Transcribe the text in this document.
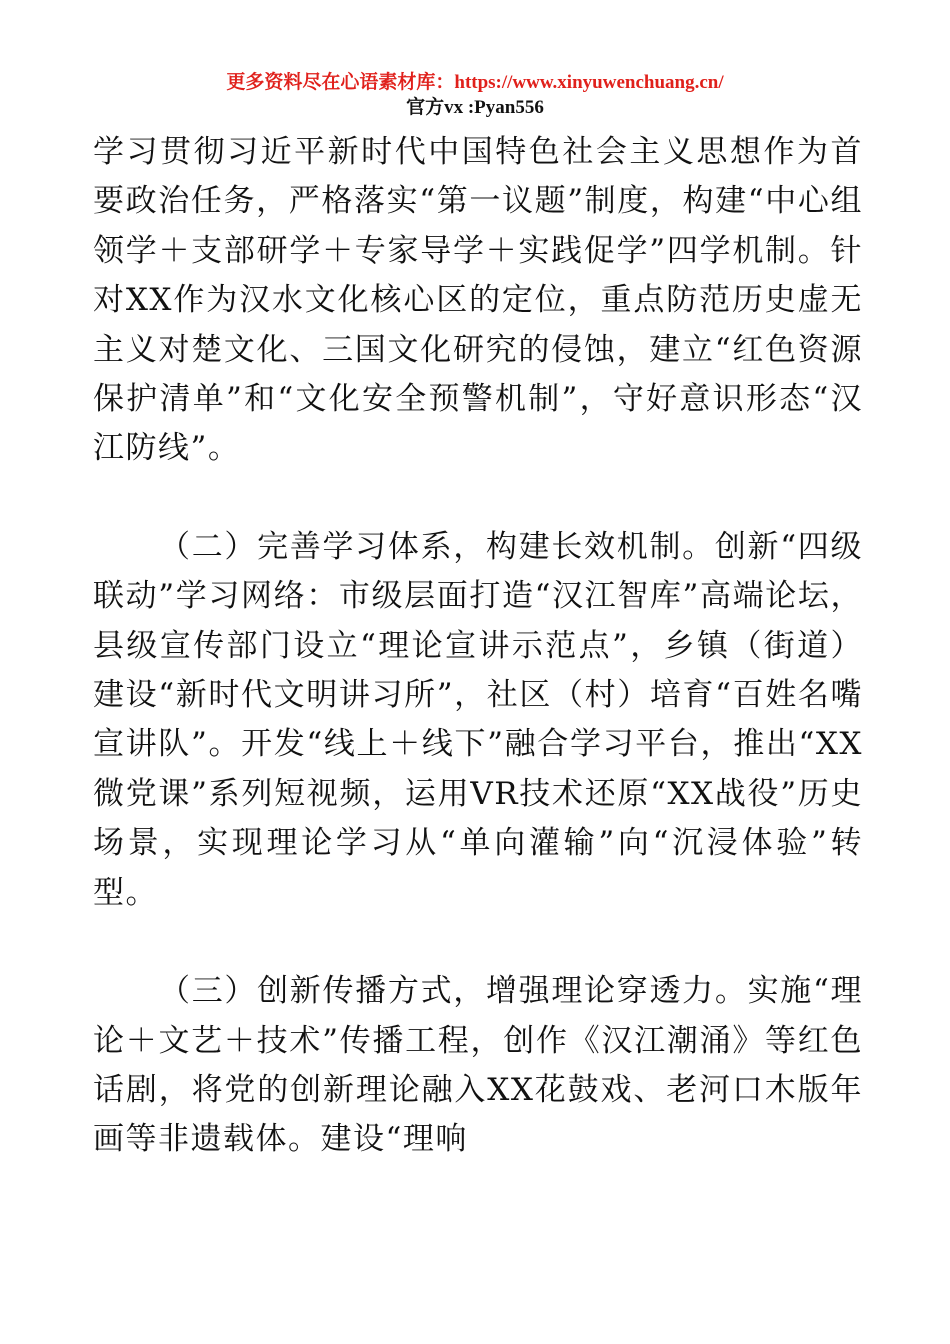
更多资料尽在心语素材库：https://www.xinyuwenchuang.cn/
官方vx :Pyan556

学习贯彻习近平新时代中国特色社会主义思想作为首要政治任务，严格落实“第一议题”制度，构建“中心组领学＋支部研学＋专家导学＋实践促学”四学机制。针对XX作为汉水文化核心区的定位，重点防范历史虚无主义对楚文化、三国文化研究的侵蚀，建立“红色资源保护清单”和“文化安全预警机制”，守好意识形态“汉江防线”。

（二）完善学习体系，构建长效机制。创新“四级联动”学习网络：市级层面打造“汉江智库”高端论坛，县级宣传部门设立“理论宣讲示范点”，乡镇（街道）建设“新时代文明讲习所”，社区（村）培育“百姓名嘴宣讲队”。开发“线上＋线下”融合学习平台，推出“XX微党课”系列短视频，运用VR技术还原“XX战役”历史场景，实现理论学习从“单向灌输”向“沉浸体验”转型。

（三）创新传播方式，增强理论穿透力。实施“理论＋文艺＋技术”传播工程，创作《汉江潮涌》等红色话剧，将党的创新理论融入XX花鼓戏、老河口木版年画等非遗载体。建设“理响
